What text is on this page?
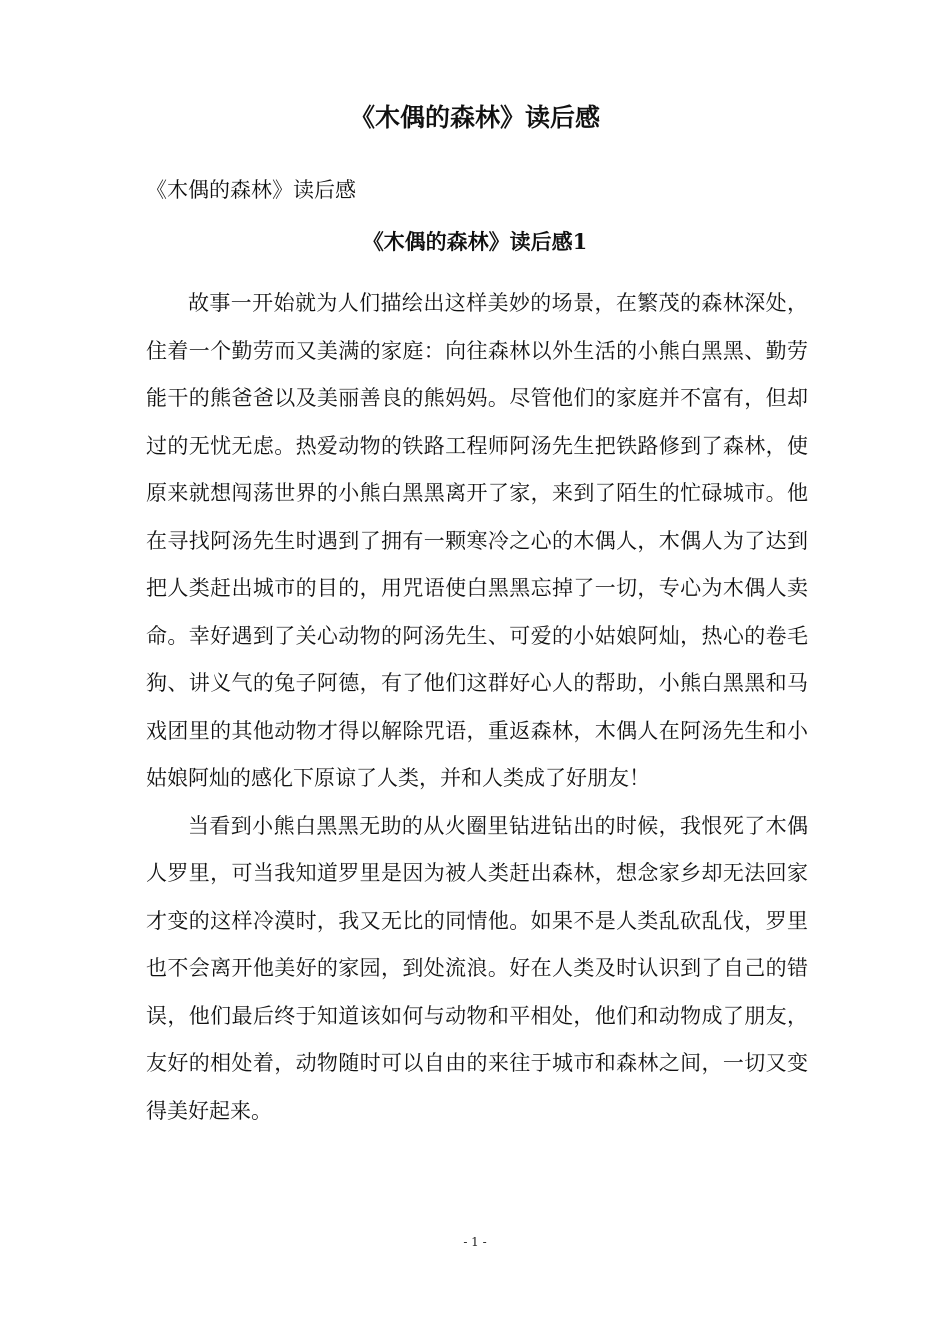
《木偶的森林》读后感

《木偶的森林》读后感

《木偶的森林》读后感1

故事一开始就为人们描绘出这样美妙的场景，在繁茂的森林深处，住着一个勤劳而又美满的家庭：向往森林以外生活的小熊白黑黑、勤劳能干的熊爸爸以及美丽善良的熊妈妈。尽管他们的家庭并不富有，但却过的无忧无虑。热爱动物的铁路工程师阿汤先生把铁路修到了森林，使原来就想闯荡世界的小熊白黑黑离开了家，来到了陌生的忙碌城市。他在寻找阿汤先生时遇到了拥有一颗寒冷之心的木偶人，木偶人为了达到把人类赶出城市的目的，用咒语使白黑黑忘掉了一切，专心为木偶人卖命。幸好遇到了关心动物的阿汤先生、可爱的小姑娘阿灿，热心的卷毛狗、讲义气的兔子阿德，有了他们这群好心人的帮助，小熊白黑黑和马戏团里的其他动物才得以解除咒语，重返森林，木偶人在阿汤先生和小姑娘阿灿的感化下原谅了人类，并和人类成了好朋友！

当看到小熊白黑黑无助的从火圈里钻进钻出的时候，我恨死了木偶人罗里，可当我知道罗里是因为被人类赶出森林，想念家乡却无法回家才变的这样冷漠时，我又无比的同情他。如果不是人类乱砍乱伐，罗里也不会离开他美好的家园，到处流浪。好在人类及时认识到了自己的错误，他们最后终于知道该如何与动物和平相处，他们和动物成了朋友，友好的相处着，动物随时可以自由的来往于城市和森林之间，一切又变得美好起来。

- 1 -
